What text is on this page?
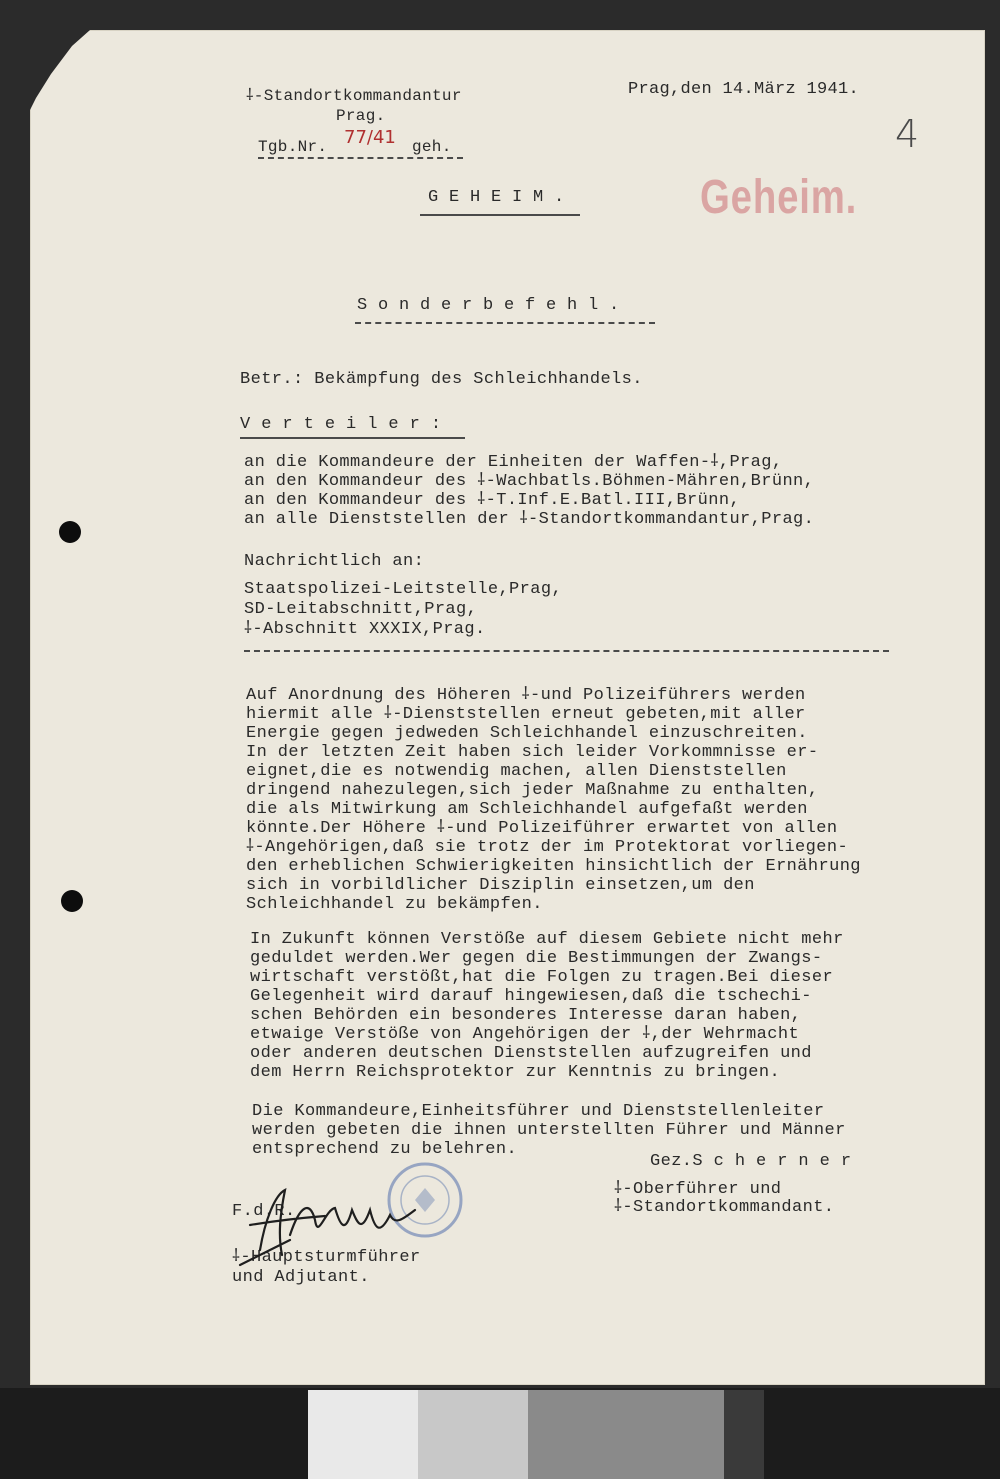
⸸-Standortkommandantur
Prag.
Tgb.Nr. 77/41 geh.
Prag,den 14.März 1941.
4
Geheim.
G E H E I M .
S o n d e r b e f e h l .
Betr.: Bekämpfung des Schleichhandels.
V e r t e i l e r :
an die Kommandeure der Einheiten der Waffen-⸸,Prag,
an den Kommandeur des ⸸-Wachbatls.Böhmen-Mähren,Brünn,
an den Kommandeur des ⸸-T.Inf.E.Batl.III,Brünn,
an alle Dienststellen der ⸸-Standortkommandantur,Prag.
Nachrichtlich an:
Staatspolizei-Leitstelle,Prag,
SD-Leitabschnitt,Prag,
⸸-Abschnitt XXXIX,Prag.
Auf Anordnung des Höheren ⸸-und Polizeiführers werden
hiermit alle ⸸-Dienststellen erneut gebeten,mit aller
Energie gegen jedweden Schleichhandel einzuschreiten.
In der letzten Zeit haben sich leider Vorkommnisse er-
eignet,die es notwendig machen, allen Dienststellen
dringend nahezulegen,sich jeder Maßnahme zu enthalten,
die als Mitwirkung am Schleichhandel aufgefaßt werden
könnte.Der Höhere ⸸-und Polizeiführer erwartet von allen
⸸-Angehörigen,daß sie trotz der im Protektorat vorliegen-
den erheblichen Schwierigkeiten hinsichtlich der Ernährung
sich in vorbildlicher Disziplin einsetzen,um den
Schleichhandel zu bekämpfen.
In Zukunft können Verstöße auf diesem Gebiete nicht mehr
geduldet werden.Wer gegen die Bestimmungen der Zwangs-
wirtschaft verstößt,hat die Folgen zu tragen.Bei dieser
Gelegenheit wird darauf hingewiesen,daß die tschechi-
schen Behörden ein besonderes Interesse daran haben,
etwaige Verstöße von Angehörigen der ⸸,der Wehrmacht
oder anderen deutschen Dienststellen aufzugreifen und
dem Herrn Reichsprotektor zur Kenntnis zu bringen.
Die Kommandeure,Einheitsführer und Dienststellenleiter
werden gebeten die ihnen unterstellten Führer und Männer
entsprechend zu belehren.
Gez.S c h e r n e r
⸸-Oberführer und
⸸-Standortkommandant.
F.d.R.
⸸-Hauptsturmführer
und Adjutant.
